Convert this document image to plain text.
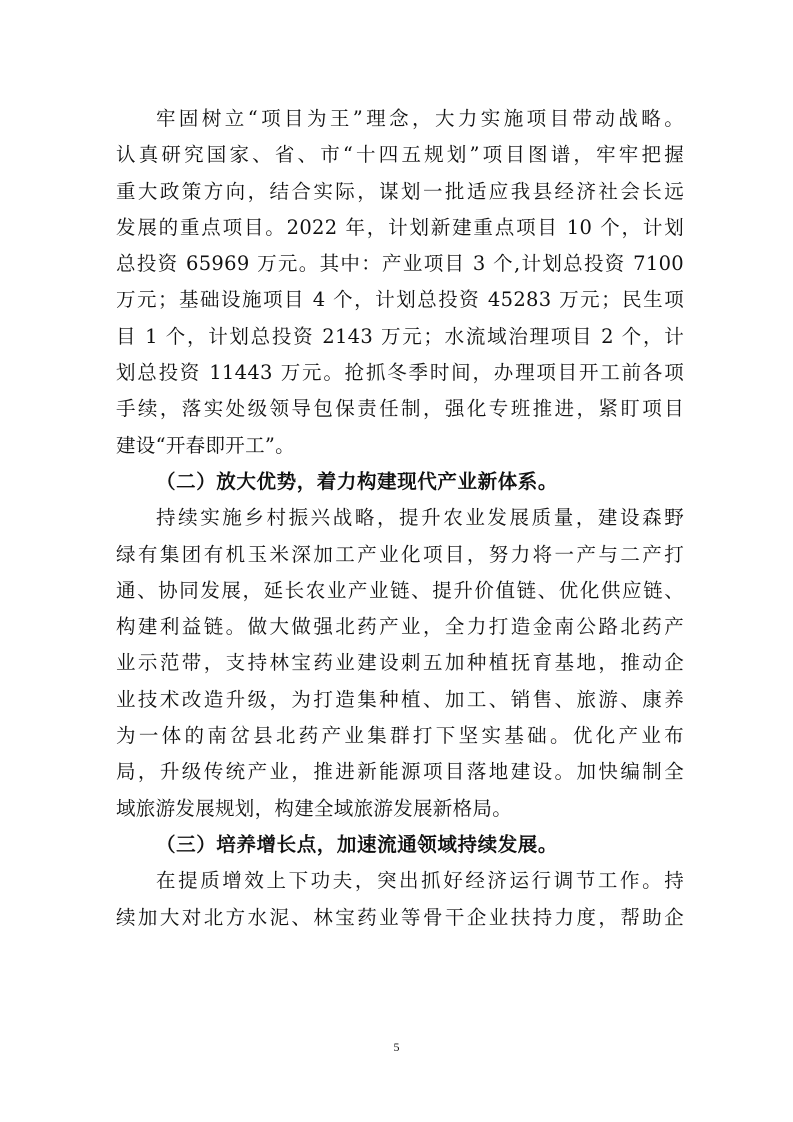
牢固树立“项目为王”理念，大力实施项目带动战略。
认真研究国家、省、市“十四五规划”项目图谱，牢牢把握
重大政策方向，结合实际，谋划一批适应我县经济社会长远
发展的重点项目。2022 年，计划新建重点项目 10 个，计划
总投资 65969 万元。其中：产业项目 3 个,计划总投资 7100
万元；基础设施项目 4 个，计划总投资 45283 万元；民生项
目 1 个，计划总投资 2143 万元；水流域治理项目 2 个，计
划总投资 11443 万元。抢抓冬季时间，办理项目开工前各项
手续，落实处级领导包保责任制，强化专班推进，紧盯项目
建设“开春即开工”。
（二）放大优势，着力构建现代产业新体系。
持续实施乡村振兴战略，提升农业发展质量，建设森野
绿有集团有机玉米深加工产业化项目，努力将一产与二产打
通、协同发展，延长农业产业链、提升价值链、优化供应链、
构建利益链。做大做强北药产业，全力打造金南公路北药产
业示范带，支持林宝药业建设刺五加种植抚育基地，推动企
业技术改造升级，为打造集种植、加工、销售、旅游、康养
为一体的南岔县北药产业集群打下坚实基础。优化产业布
局，升级传统产业，推进新能源项目落地建设。加快编制全
域旅游发展规划，构建全域旅游发展新格局。
（三）培养增长点，加速流通领域持续发展。
在提质增效上下功夫，突出抓好经济运行调节工作。持
续加大对北方水泥、林宝药业等骨干企业扶持力度，帮助企
5
